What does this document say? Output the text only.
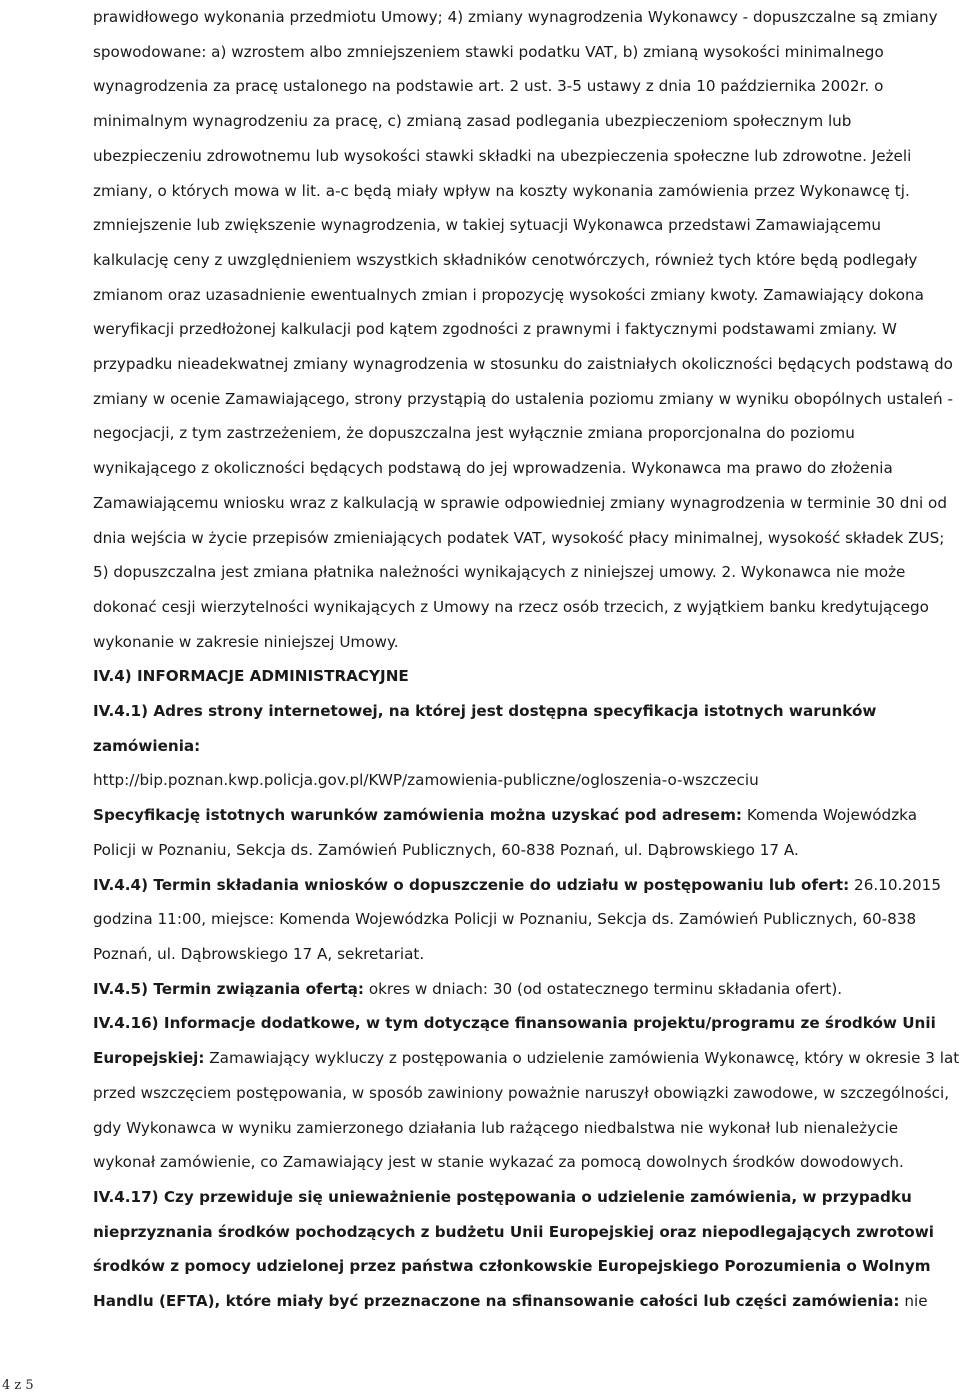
prawidłowego wykonania przedmiotu Umowy; 4) zmiany wynagrodzenia Wykonawcy - dopuszczalne są zmiany spowodowane: a) wzrostem albo zmniejszeniem stawki podatku VAT, b) zmianą wysokości minimalnego wynagrodzenia za pracę ustalonego na podstawie art. 2 ust. 3-5 ustawy z dnia 10 października 2002r. o minimalnym wynagrodzeniu za pracę, c) zmianą zasad podlegania ubezpieczeniom społecznym lub ubezpieczeniu zdrowotnemu lub wysokości stawki składki na ubezpieczenia społeczne lub zdrowotne. Jeżeli zmiany, o których mowa w lit. a-c będą miały wpływ na koszty wykonania zamówienia przez Wykonawcę tj. zmniejszenie lub zwiększenie wynagrodzenia, w takiej sytuacji Wykonawca przedstawi Zamawiającemu kalkulację ceny z uwzględnieniem wszystkich składników cenotwórczych, również tych które będą podlegały zmianom oraz uzasadnienie ewentualnych zmian i propozycję wysokości zmiany kwoty. Zamawiający dokona weryfikacji przedłożonej kalkulacji pod kątem zgodności z prawnymi i faktycznymi podstawami zmiany. W przypadku nieadekwatnej zmiany wynagrodzenia w stosunku do zaistniałych okoliczności będących podstawą do zmiany w ocenie Zamawiającego, strony przystąpią do ustalenia poziomu zmiany w wyniku obopólnych ustaleń - negocjacji, z tym zastrzeżeniem, że dopuszczalna jest wyłącznie zmiana proporcjonalna do poziomu wynikającego z okoliczności będących podstawą do jej wprowadzenia. Wykonawca ma prawo do złożenia Zamawiającemu wniosku wraz z kalkulacją w sprawie odpowiedniej zmiany wynagrodzenia w terminie 30 dni od dnia wejścia w życie przepisów zmieniających podatek VAT, wysokość płacy minimalnej, wysokość składek ZUS; 5) dopuszczalna jest zmiana płatnika należności wynikających z niniejszej umowy. 2. Wykonawca nie może dokonać cesji wierzytelności wynikających z Umowy na rzecz osób trzecich, z wyjątkiem banku kredytującego wykonanie w zakresie niniejszej Umowy.

IV.4) INFORMACJE ADMINISTRACYJNE

IV.4.1) Adres strony internetowej, na której jest dostępna specyfikacja istotnych warunków zamówienia:
http://bip.poznan.kwp.policja.gov.pl/KWP/zamowienia-publiczne/ogloszenia-o-wszczeciu

Specyfikację istotnych warunków zamówienia można uzyskać pod adresem: Komenda Wojewódzka Policji w Poznaniu, Sekcja ds. Zamówień Publicznych, 60-838 Poznań, ul. Dąbrowskiego 17 A.

IV.4.4) Termin składania wniosków o dopuszczenie do udziału w postępowaniu lub ofert: 26.10.2015 godzina 11:00, miejsce: Komenda Wojewódzka Policji w Poznaniu, Sekcja ds. Zamówień Publicznych, 60-838 Poznań, ul. Dąbrowskiego 17 A, sekretariat.

IV.4.5) Termin związania ofertą: okres w dniach: 30 (od ostatecznego terminu składania ofert).

IV.4.16) Informacje dodatkowe, w tym dotyczące finansowania projektu/programu ze środków Unii Europejskiej: Zamawiający wykluczy z postępowania o udzielenie zamówienia Wykonawcę, który w okresie 3 lat przed wszczęciem postępowania, w sposób zawiniony poważnie naruszył obowiązki zawodowe, w szczególności, gdy Wykonawca w wyniku zamierzonego działania lub rażącego niedbalstwa nie wykonał lub nienależycie wykonał zamówienie, co Zamawiający jest w stanie wykazać za pomocą dowolnych środków dowodowych.

IV.4.17) Czy przewiduje się unieważnienie postępowania o udzielenie zamówienia, w przypadku nieprzyznania środków pochodzących z budżetu Unii Europejskiej oraz niepodlegających zwrotowi środków z pomocy udzielonej przez państwa członkowskie Europejskiego Porozumienia o Wolnym Handlu (EFTA), które miały być przeznaczone na sfinansowanie całości lub części zamówienia: nie

4 z 5
